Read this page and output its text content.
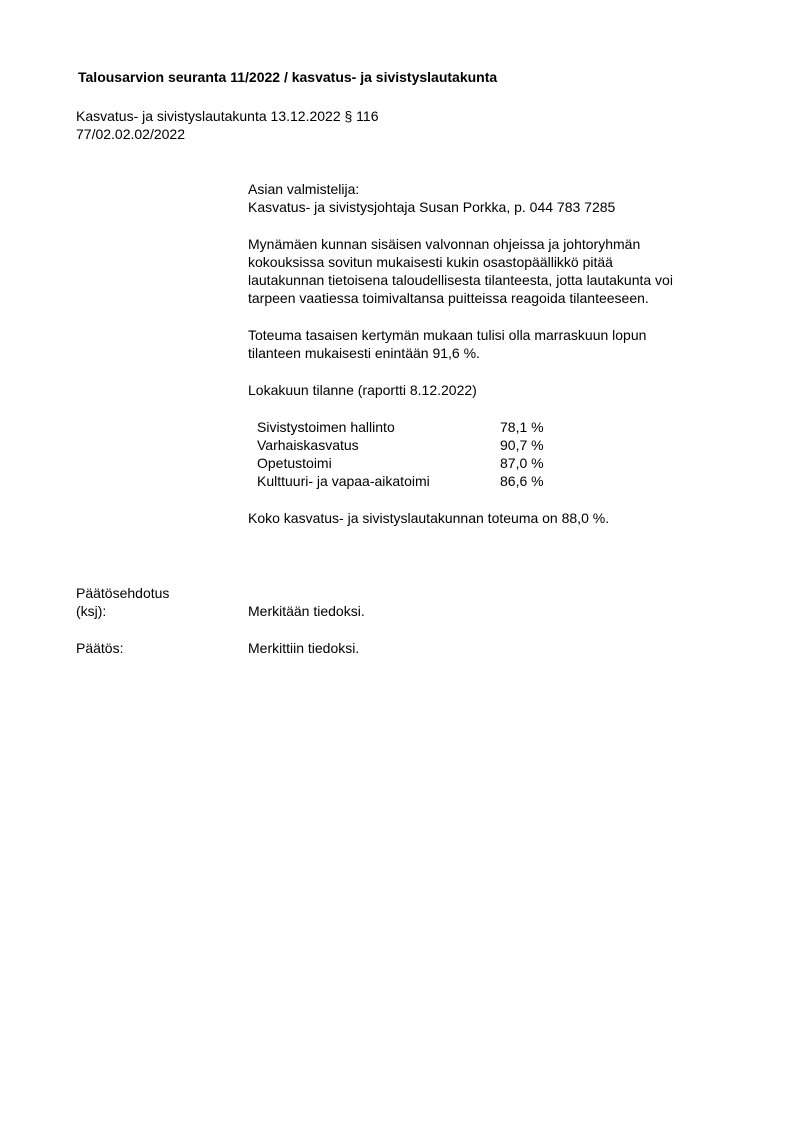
Talousarvion seuranta 11/2022 / kasvatus- ja sivistyslautakunta
Kasvatus- ja sivistyslautakunta 13.12.2022 § 116
77/02.02.02/2022

Asian valmistelija:

Kasvatus- ja sivistysjohtaja Susan Porkka, p. 044 783 7285

Mynämäen kunnan sisäisen valvonnan ohjeissa ja johtoryhmän

kokouksissa sovitun mukaisesti kukin osastopäällikkö pitää

lautakunnan tietoisena taloudellisesta tilanteesta, jotta lautakunta voi

tarpeen vaatiessa toimivaltansa puitteissa reagoida tilanteeseen.

Toteuma tasaisen kertymän mukaan tulisi olla marraskuun lopun

tilanteen mukaisesti enintään 91,6 %.

Lokakuun tilanne (raportti 8.12.2022)

Sivistystoimen hallinto	78,1 %
Varhaiskasvatus	90,7 %
Opetustoimi	87,0 %
Kulttuuri- ja vapaa-aikatoimi	86,6 %

Koko kasvatus- ja sivistyslautakunnan toteuma on 88,0 %.

Päätösehdotus
(ksj):	Merkitään tiedoksi.
Päätös:	Merkittiin tiedoksi.
